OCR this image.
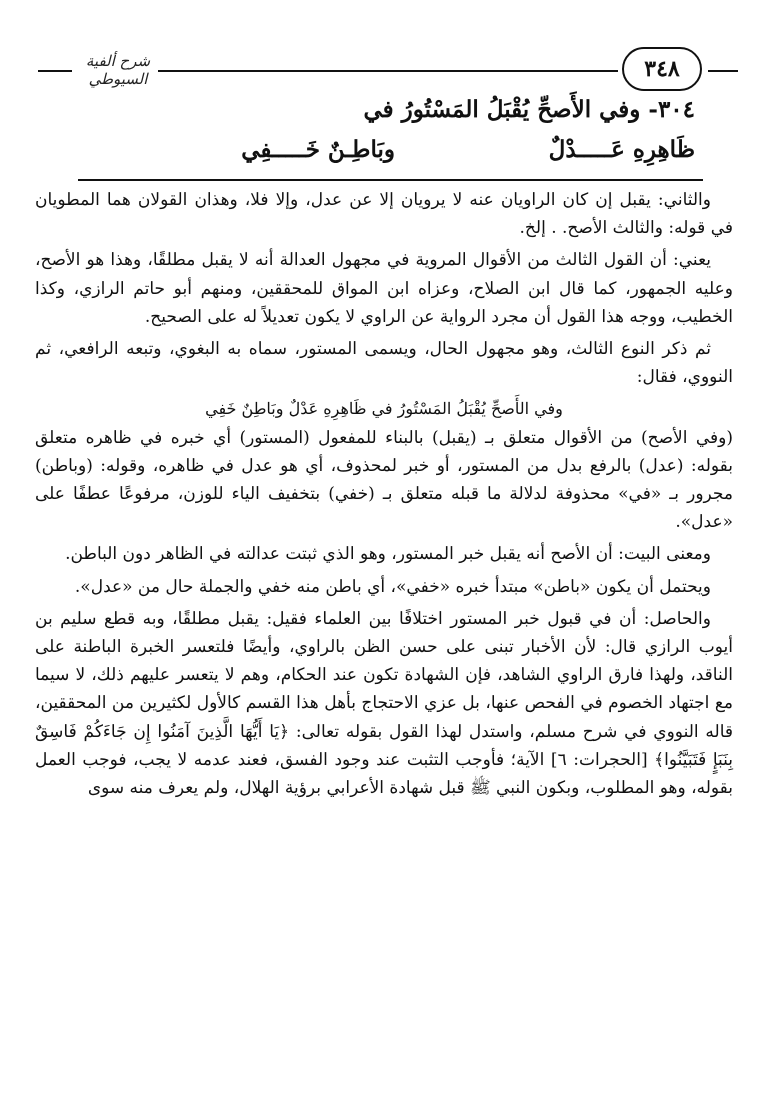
شرح ألفية السيوطي	٣٤٨
٣٠٤- وفي الأَصحِّ يُقْبَلُ المَسْتُورُ في
ظَاهِرِهِ عَـــــدْلٌ
وبَاطِـنٌ خَـــــفِي

والثاني: يقبل إن كان الراويان عنه لا يرويان إلا عن عدل، وإلا فلا، وهذان القولان هما المطويان في قوله: والثالث الأصح. . إلخ.

يعني: أن القول الثالث من الأقوال المروية في مجهول العدالة أنه لا يقبل مطلقًا، وهذا هو الأصح، وعليه الجمهور، كما قال ابن الصلاح، وعزاه ابن المواق للمحققين، ومنهم أبو حاتم الرازي، وكذا الخطيب، ووجه هذا القول أن مجرد الرواية عن الراوي لا يكون تعديلاً له على الصحيح.

ثم ذكر النوع الثالث، وهو مجهول الحال، ويسمى المستور، سماه به البغوي، وتبعه الرافعي، ثم النووي، فقال:

وفي الأَصحِّ يُقْبَلُ المَسْتُورُ في ظَاهِرِهِ عَدْلٌ وبَاطِنٌ خَفِي

(وفي الأصح) من الأقوال متعلق بـ (يقبل) بالبناء للمفعول (المستور) أي خبره في ظاهره متعلق بقوله: (عدل) بالرفع بدل من المستور، أو خبر لمحذوف، أي هو عدل في ظاهره، وقوله: (وباطن) مجرور بـ «في» محذوفة لدلالة ما قبله متعلق بـ (خفي) بتخفيف الياء للوزن، مرفوعًا عطفًا على «عدل».

ومعنى البيت: أن الأصح أنه يقبل خبر المستور، وهو الذي ثبتت عدالته في الظاهر دون الباطن.

ويحتمل أن يكون «باطن» مبتدأ خبره «خفي»، أي باطن منه خفي والجملة حال من «عدل».

والحاصل: أن في قبول خبر المستور اختلافًا بين العلماء فقيل: يقبل مطلقًا، وبه قطع سليم بن أيوب الرازي قال: لأن الأخبار تبنى على حسن الظن بالراوي، وأيضًا فلتعسر الخبرة الباطنة على الناقد، ولهذا فارق الراوي الشاهد، فإن الشهادة تكون عند الحكام، وهم لا يتعسر عليهم ذلك، لا سيما مع اجتهاد الخصوم في الفحص عنها، بل عزي الاحتجاج بأهل هذا القسم كالأول لكثيرين من المحققين، قاله النووي في شرح مسلم، واستدل لهذا القول بقوله تعالى: ﴿يَا أَيُّهَا الَّذِينَ آمَنُوا إِن جَاءَكُمْ فَاسِقٌ بِنَبَإٍ فَتَبَيَّنُوا﴾ [الحجرات: ٦] الآية؛ فأوجب التثبت عند وجود الفسق، فعند عدمه لا يجب، فوجب العمل بقوله، وهو المطلوب، وبكون النبي ﷺ قبل شهادة الأعرابي برؤية الهلال، ولم يعرف منه سوى
